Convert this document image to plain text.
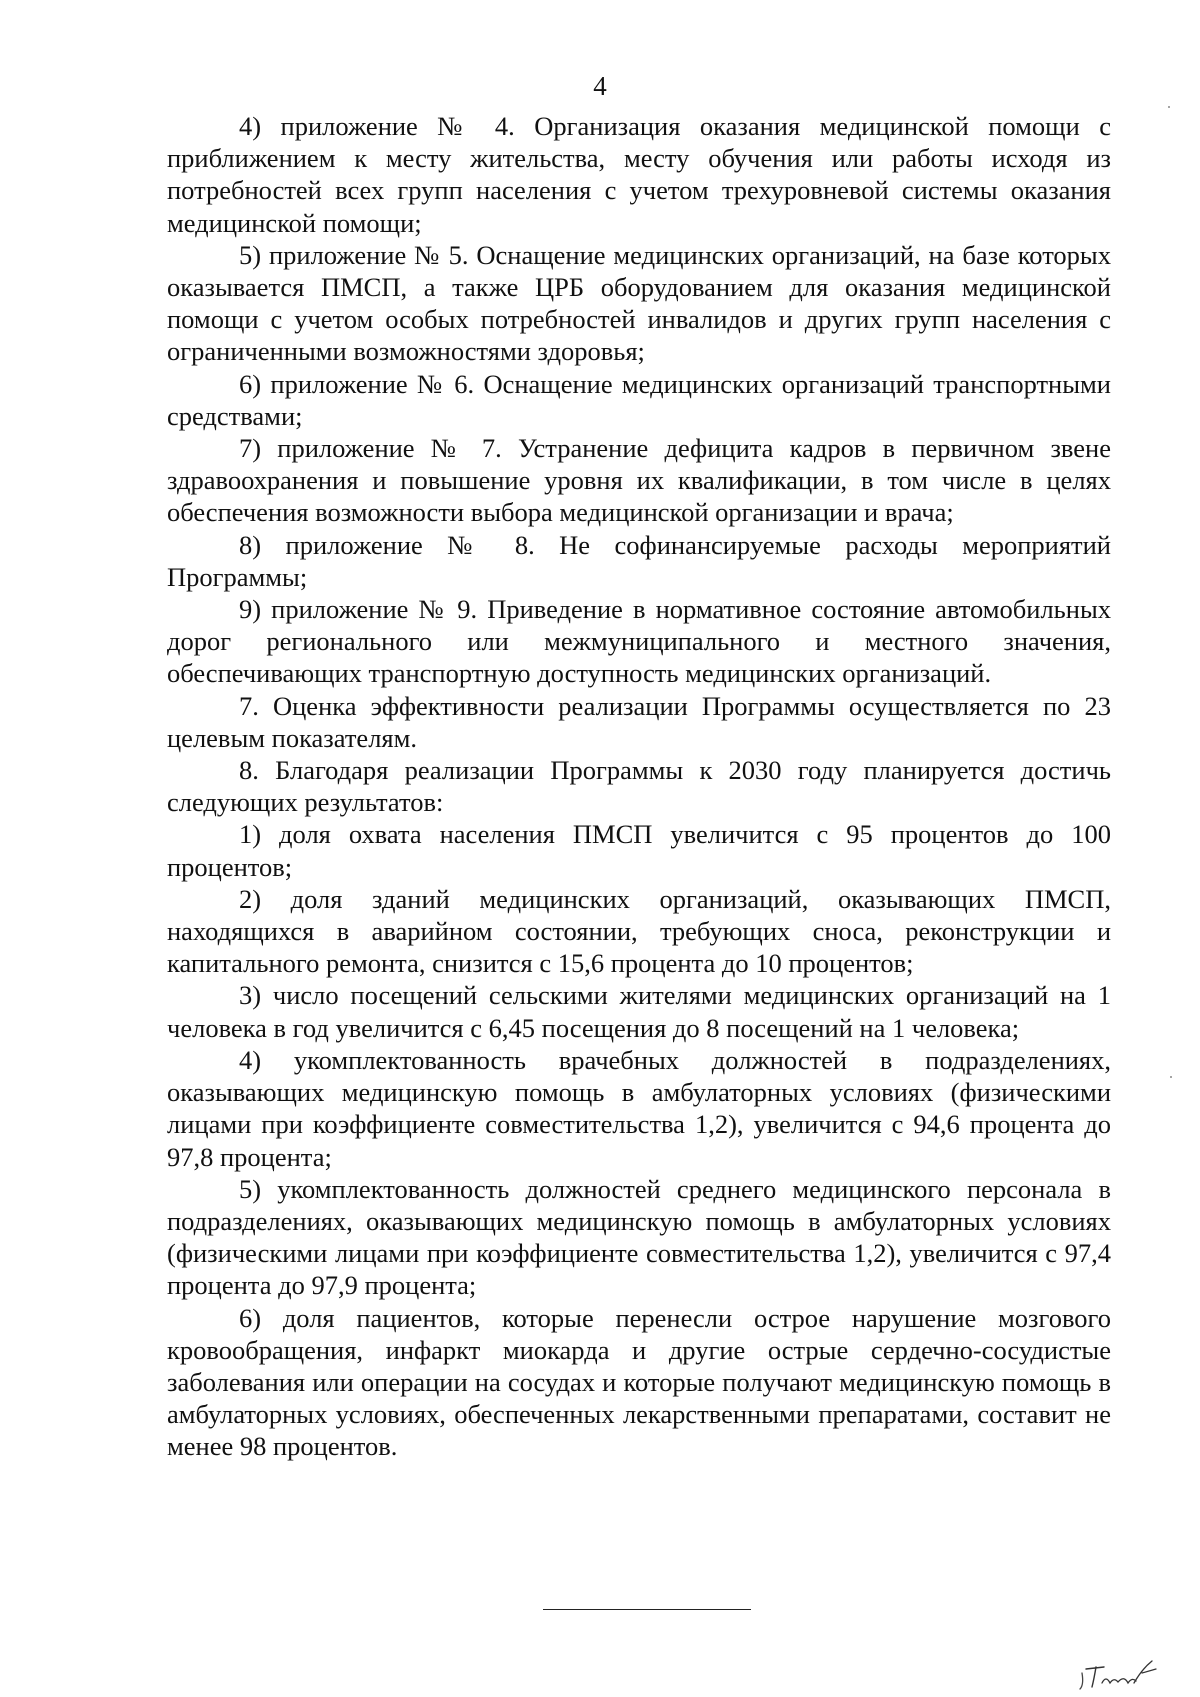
4

4) приложение № 4. Организация оказания медицинской помощи с приближением к месту жительства, месту обучения или работы исходя из потребностей всех групп населения с учетом трехуровневой системы оказания медицинской помощи;

5) приложение № 5. Оснащение медицинских организаций, на базе которых оказывается ПМСП, а также ЦРБ оборудованием для оказания медицинской помощи с учетом особых потребностей инвалидов и других групп населения с ограниченными возможностями здоровья;

6) приложение № 6. Оснащение медицинских организаций транспортными средствами;

7) приложение № 7. Устранение дефицита кадров в первичном звене здравоохранения и повышение уровня их квалификации, в том числе в целях обеспечения возможности выбора медицинской организации и врача;

8) приложение № 8. Не софинансируемые расходы мероприятий Программы;

9) приложение № 9. Приведение в нормативное состояние автомобильных дорог регионального или межмуниципального и местного значения, обеспечивающих транспортную доступность медицинских организаций.

7. Оценка эффективности реализации Программы осуществляется по 23 целевым показателям.

8. Благодаря реализации Программы к 2030 году планируется достичь следующих результатов:

1) доля охвата населения ПМСП увеличится с 95 процентов до 100 процентов;

2) доля зданий медицинских организаций, оказывающих ПМСП, находящихся в аварийном состоянии, требующих сноса, реконструкции и капитального ремонта, снизится с 15,6 процента до 10 процентов;

3) число посещений сельскими жителями медицинских организаций на 1 человека в год увеличится с 6,45 посещения до 8 посещений на 1 человека;

4) укомплектованность врачебных должностей в подразделениях, оказывающих медицинскую помощь в амбулаторных условиях (физическими лицами при коэффициенте совместительства 1,2), увеличится с 94,6 процента до 97,8 процента;

5) укомплектованность должностей среднего медицинского персонала в подразделениях, оказывающих медицинскую помощь в амбулаторных условиях (физическими лицами при коэффициенте совместительства 1,2), увеличится с 97,4 процента до 97,9 процента;

6) доля пациентов, которые перенесли острое нарушение мозгового кровообращения, инфаркт миокарда и другие острые сердечно-сосудистые заболевания или операции на сосудах и которые получают медицинскую помощь в амбулаторных условиях, обеспеченных лекарственными препаратами, составит не менее 98 процентов.
